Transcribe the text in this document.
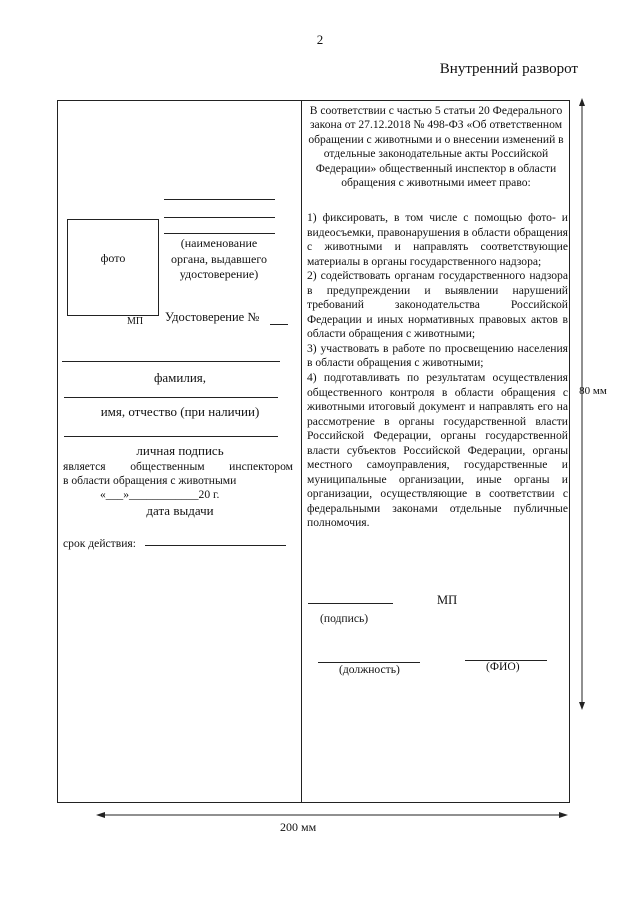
2
Внутренний разворот
фото
МП
(наименование органа, выдавшего удостоверение)
Удостоверение №
фамилия,
имя, отчество (при наличии)
личная подпись
является общественным инспектором
в области обращения с животными
«___»____________20 г.
дата выдачи
срок действия:
В соответствии с частью 5 статьи 20 Федерального закона от 27.12.2018 № 498-ФЗ «Об ответственном обращении с животными и о внесении изменений в отдельные законодательные акты Российской Федерации» общественный инспектор в области обращения с животными имеет право:

1) фиксировать, в том числе с помощью фото- и видеосъемки, правонарушения в области обращения с животными и направлять соответствующие материалы в органы государственного надзора;

2) содействовать органам государственного надзора в предупреждении и выявлении нарушений требований законодательства Российской Федерации и иных нормативных правовых актов в области обращения с животными;

3) участвовать в работе по просвещению населения в области обращения с животными;

4) подготавливать по результатам осуществления общественного контроля в области обращения с животными итоговый документ и направлять его на рассмотрение в органы государственной власти Российской Федерации, органы государственной власти субъектов Российской Федерации, органы местного самоуправления, государственные и муниципальные организации, иные органы и организации, осуществляющие в соответствии с федеральными законами отдельные публичные полномочия.

МП
(подпись)
(должность)	(ФИО)
80 мм
200 мм
